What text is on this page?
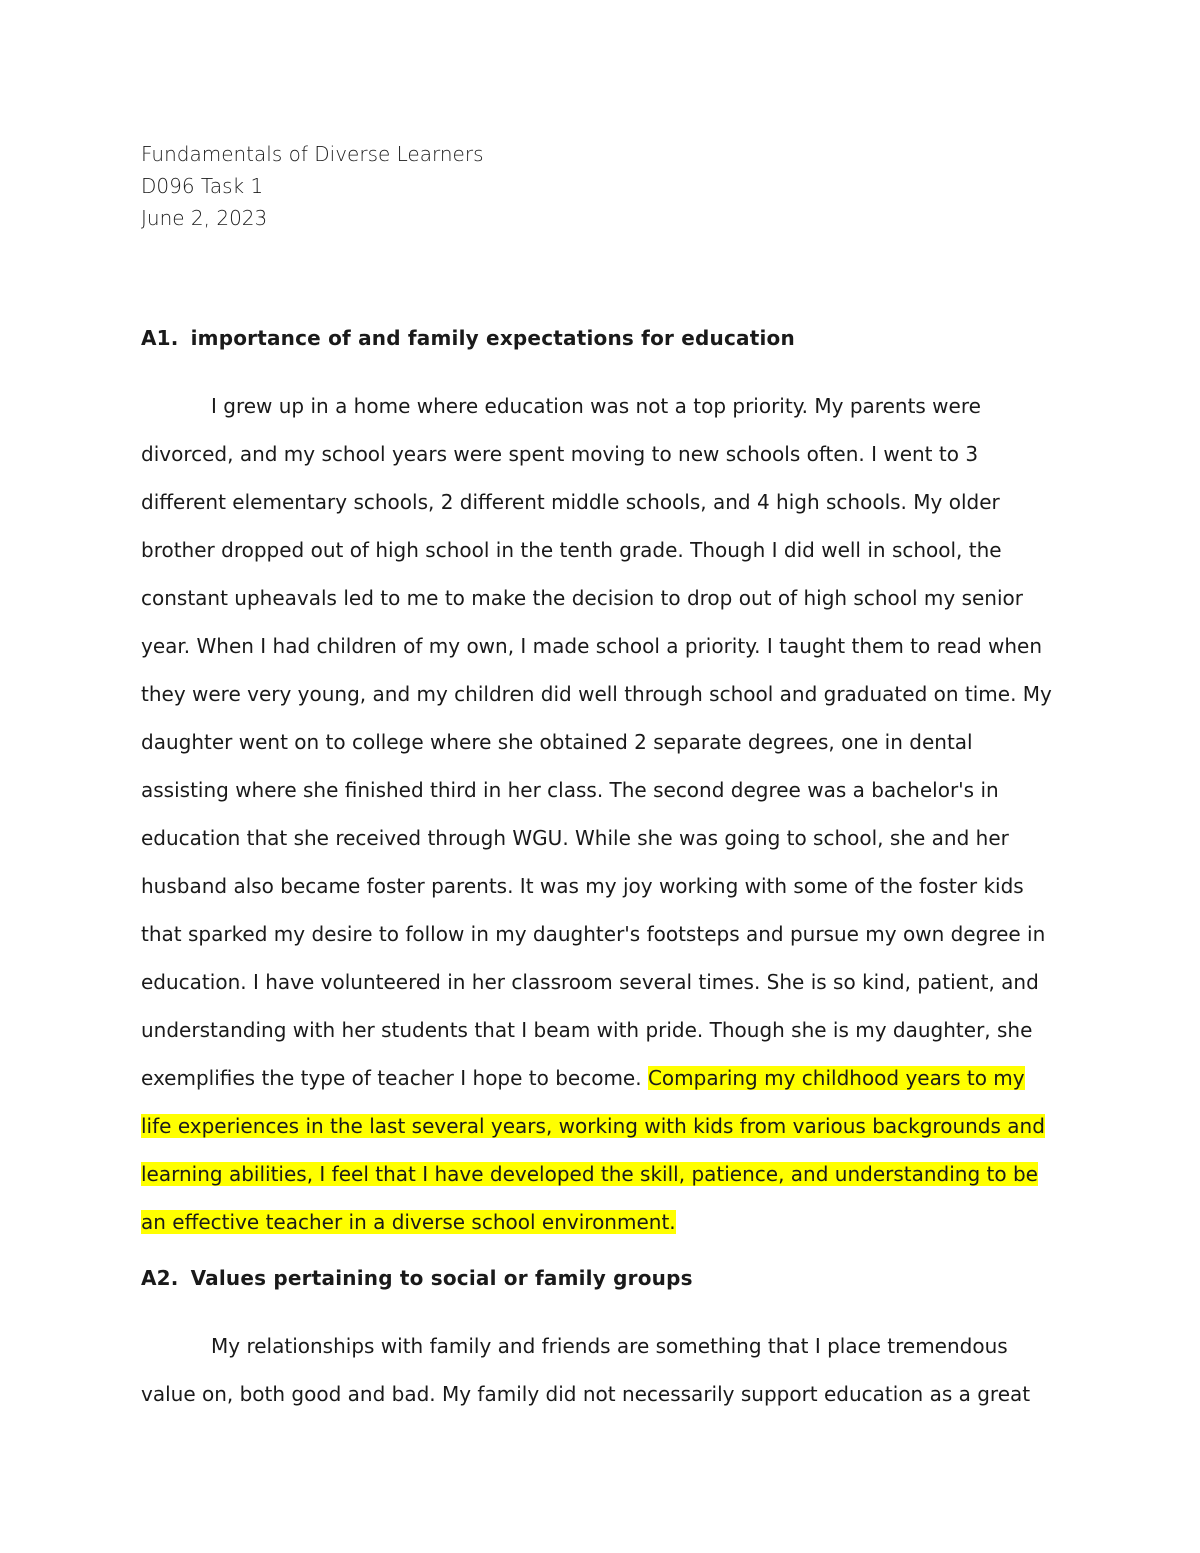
Fundamentals of Diverse Learners
D096 Task 1
June 2, 2023
A1. importance of and family expectations for education

I grew up in a home where education was not a top priority. My parents were divorced, and my school years were spent moving to new schools often. I went to 3 different elementary schools, 2 different middle schools, and 4 high schools. My older brother dropped out of high school in the tenth grade. Though I did well in school, the constant upheavals led to me to make the decision to drop out of high school my senior year. When I had children of my own, I made school a priority. I taught them to read when they were very young, and my children did well through school and graduated on time. My daughter went on to college where she obtained 2 separate degrees, one in dental assisting where she finished third in her class. The second degree was a bachelor's in education that she received through WGU. While she was going to school, she and her husband also became foster parents. It was my joy working with some of the foster kids that sparked my desire to follow in my daughter's footsteps and pursue my own degree in education. I have volunteered in her classroom several times. She is so kind, patient, and understanding with her students that I beam with pride. Though she is my daughter, she exemplifies the type of teacher I hope to become. Comparing my childhood years to my life experiences in the last several years, working with kids from various backgrounds and learning abilities, I feel that I have developed the skill, patience, and understanding to be an effective teacher in a diverse school environment.

A2. Values pertaining to social or family groups

My relationships with family and friends are something that I place tremendous value on, both good and bad. My family did not necessarily support education as a great
